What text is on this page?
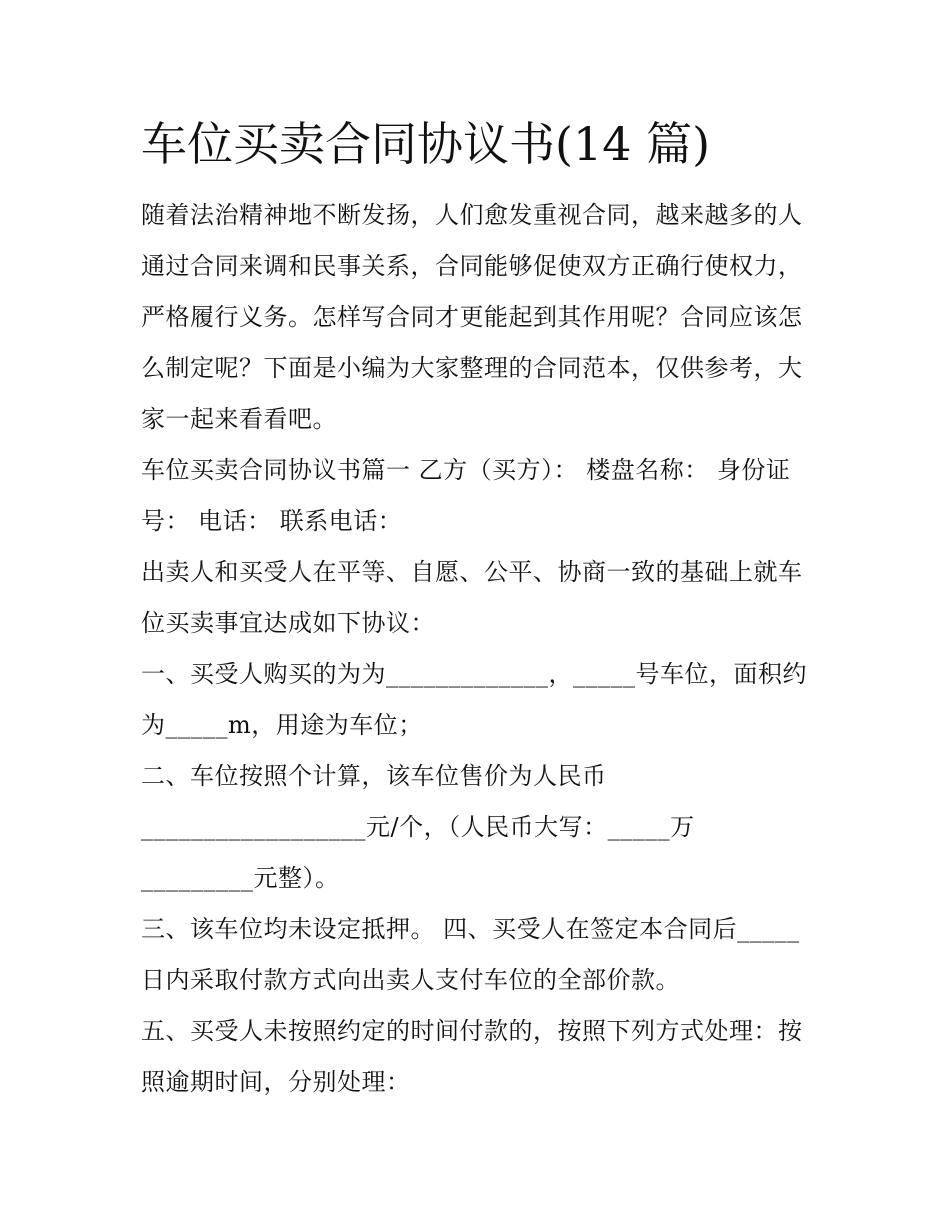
车位买卖合同协议书(14 篇)

随着法治精神地不断发扬，人们愈发重视合同，越来越多的人
通过合同来调和民事关系，合同能够促使双方正确行使权力，
严格履行义务。怎样写合同才更能起到其作用呢？合同应该怎
么制定呢？下面是小编为大家整理的合同范本，仅供参考，大
家一起来看看吧。

车位买卖合同协议书篇一 乙方（买方）： 楼盘名称： 身份证
号： 电话： 联系电话：

出卖人和买受人在平等、自愿、公平、协商一致的基础上就车
位买卖事宜达成如下协议：

一、买受人购买的为为_____________，_____号车位，面积约
为_____m，用途为车位；

二、车位按照个计算，该车位售价为人民币
__________________元/个，（人民币大写：_____万
_________元整）。

三、该车位均未设定抵押。 四、买受人在签定本合同后_____
日内采取付款方式向出卖人支付车位的全部价款。

五、买受人未按照约定的时间付款的，按照下列方式处理：按
照逾期时间，分别处理：
